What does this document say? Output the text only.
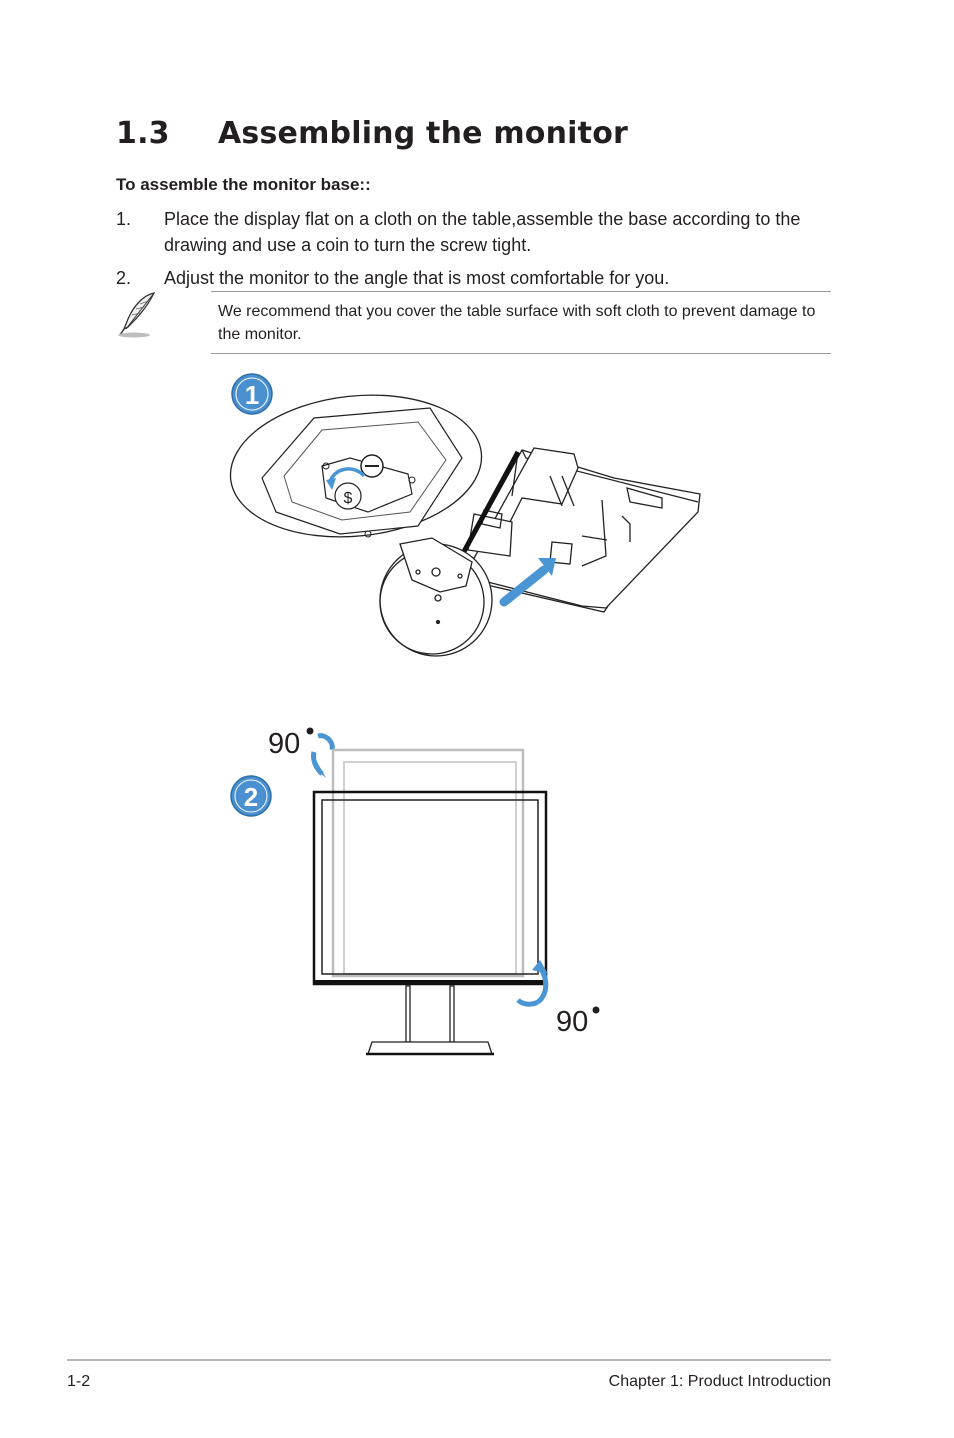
1.3 Assembling the monitor
To assemble the monitor base::
1. Place the display flat on a cloth on the table,assemble the base according to the drawing and use a coin to turn the screw tight.
2. Adjust the monitor to the angle that is most comfortable for you.
We recommend that you cover the table surface with soft cloth to prevent damage to the monitor.
1
$
2
90
90
1-2	Chapter 1: Product Introduction
